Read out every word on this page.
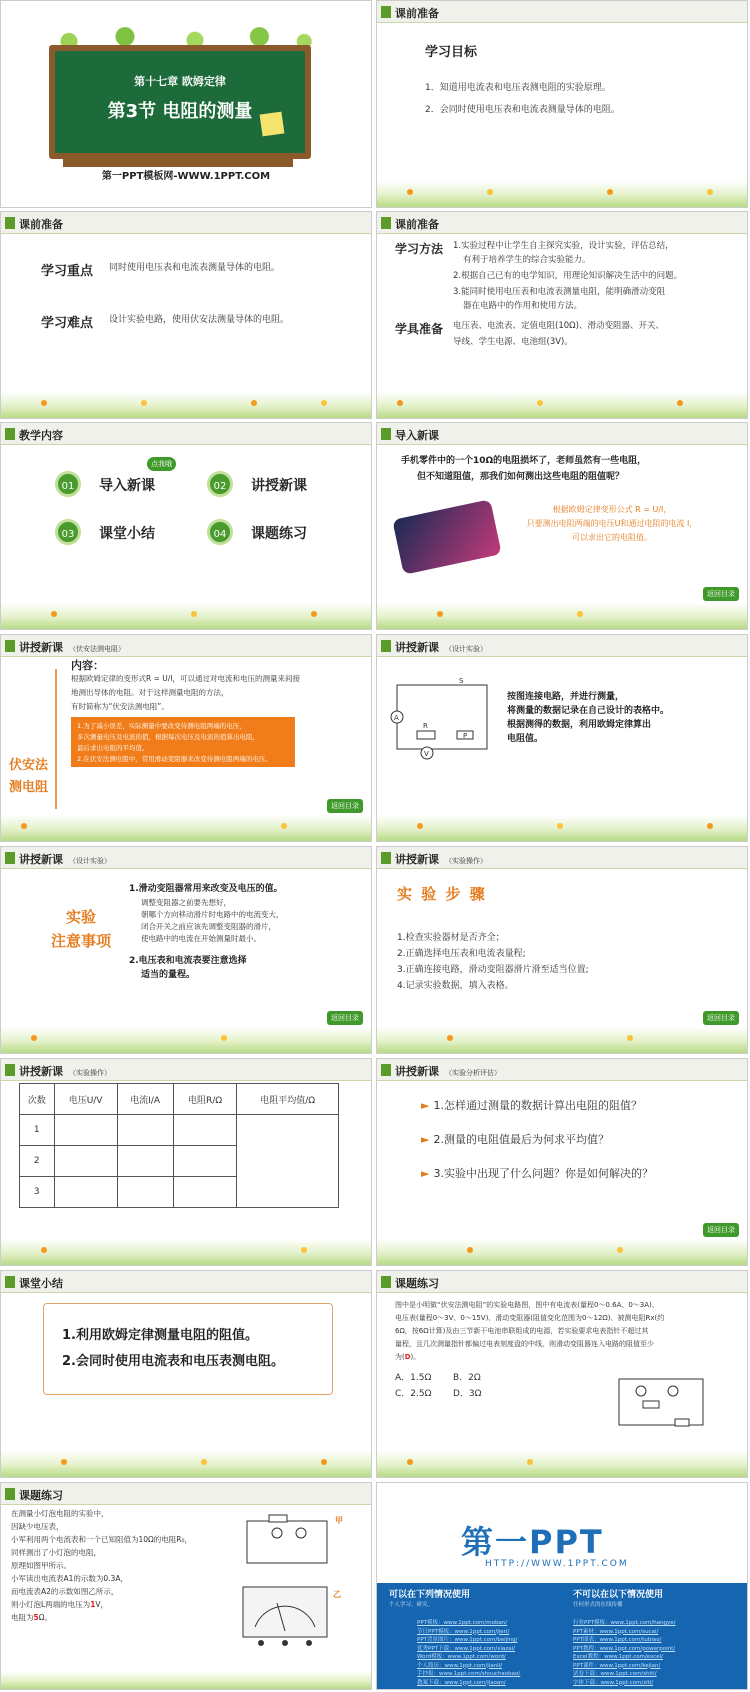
第十七章 欧姆定律
第3节 电阻的测量
第一PPT模板网-WWW.1PPT.COM
课前准备
学习目标
1．知道用电流表和电压表测电阻的实验原理。
2．会同时使用电压表和电流表测量导体的电阻。
课前准备
学习重点 同时使用电压表和电流表测量导体的电阻。
学习难点 设计实验电路，使用伏安法测量导体的电阻。
课前准备
学习方法 1.实验过程中让学生自主探究实验，设计实验，评估总结，
有利于培养学生的综合实验能力。
2.根据自己已有的电学知识，用理论知识解决生活中的问题。
3.能同时使用电压表和电流表测量电阻，能明确滑动变阻
器在电路中的作用和使用方法。
学具准备 电压表、电流表、定值电阻(10Ω)、滑动变阻器、开关、
导线、学生电源、电池组(3V)。
教学内容
点我哦
01	导入新课	02	讲授新课
03	课堂小结	04	课题练习
导入新课
手机零件中的一个10Ω的电阻损坏了，老师虽然有一些电阻，
但不知道阻值，那我们如何测出这些电阻的阻值呢？
根据欧姆定律变形公式 R = U/I，
只要测出电阻两端的电压U和通过电阻的电流 I，
可以求出它的电阻值。
返回目录
讲授新课 （伏安法测电阻）
伏安法
测电阻
内容：
根据欧姆定律的变形式R = U/I，可以通过对电流和电压的测量来间接
地测出导体的电阻。对于这样测量电阻的方法，
有时简称为“伏安法测电阻”。
1.为了减小误差，实际测量中要改变待测电阻两端的电压，
多次测量电压及电流的值，根据每次电压及电流的值算出电阻，
最后求出电阻的平均值。
2.在伏安法测电阻中，常用滑动变阻器来改变待测电阻两端的电压。
返回目录
讲授新课 （设计实验）
S
A
R
V
P
按图连接电路，并进行测量，
将测量的数据记录在自己设计的表格中。
根据测得的数据，利用欧姆定律算出
电阻值。
讲授新课 （设计实验）
实验
注意事项
1.滑动变阻器常用来改变及电压的值。
调整变阻器之前要先想好，
朝哪个方向移动滑片时电路中的电流变大，
闭合开关之前应该先调整变阻器的滑片，
使电路中的电流在开始测量时最小。
2.电压表和电流表要注意选择
适当的量程。
返回目录
讲授新课 （实验操作）
实 验 步 骤
1.检查实验器材是否齐全；
2.正确选择电压表和电流表量程;
3.正确连接电路，滑动变阻器滑片滑至适当位置;
4.记录实验数据，填入表格。
返回目录
讲授新课 （实验操作）
次数	电压U/V	电流I/A	电阻R/Ω	电阻平均值/Ω
1				
2				
3				
讲授新课 （实验分析评估）
► 1.怎样通过测量的数据计算出电阻的阻值？
► 2.测量的电阻值最后为何求平均值？
► 3.实验中出现了什么问题？你是如何解决的？
返回目录
课堂小结
1.利用欧姆定律测量电阻的阻值。
2.会同时使用电流表和电压表测电阻。
课题练习
图中是小明做“伏安法测电阻”的实验电路图，图中有电流表(量程0～0.6A、0～3A)、
电压表(量程0～3V、0～15V)、滑动变阻器(阻值变化范围为0～12Ω)、被测电阻Rx(约
6Ω，按6Ω计算)及由三节新干电池串联组成的电源，若实验要求电表指针不超过其
量程，且几次测量指针都偏过电表刻度盘的中线，则滑动变阻器连入电路的阻值至少
为(D)。
A．1.5Ω B．2Ω
C．2.5Ω D．3Ω
课题练习
在测量小灯泡电阻的实验中，
因缺少电压表，
小军利用两个电流表和一个已知阻值为10Ω的电阻R₀，
同样测出了小灯泡的电阻，
原理如图甲所示。
小军读出电流表A1的示数为0.3A，
而电流表A2的示数如图乙所示，
则小灯泡L两端的电压为1V，
电阻为5Ω。
甲
乙
第一PPT
HTTP://WWW.1PPT.COM
可以在下列情况使用	不可以在以下情况使用
个人学习、研究。	任何形式的在线传播
PPT模板：www.1ppt.com/moban/
节日PPT模板：www.1ppt.com/jieri/
PPT背景图片：www.1ppt.com/beijing/
优秀PPT下载：www.1ppt.com/xiazai/
Word模板：www.1ppt.com/word/
个人简历：www.1ppt.com/jianli/
手抄报：www.1ppt.com/shouchaobao/
教案下载：www.1ppt.com/jiaoan/
行业PPT模板：www.1ppt.com/hangye/
PPT素材：www.1ppt.com/sucai/
PPT图表：www.1ppt.com/tubiao/
PPT教程：www.1ppt.com/powerpoint/
Excel教程：www.1ppt.com/excel/
PPT课件：www.1ppt.com/kejian/
试卷下载：www.1ppt.com/shiti/
字体下载：www.1ppt.com/ziti/
